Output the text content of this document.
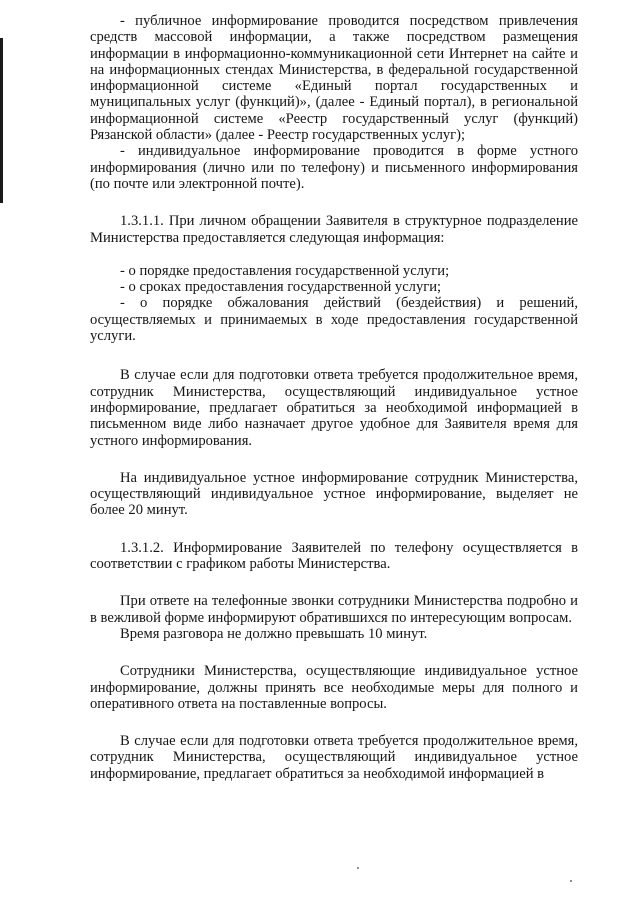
- публичное информирование проводится посредством привлечения средств массовой информации, а также посредством размещения информации в информационно-коммуникационной сети Интернет на сайте и на информационных стендах Министерства, в федеральной государственной информационной системе «Единый портал государственных и муниципальных услуг (функций)», (далее - Единый портал), в региональной информационной системе «Реестр государственный услуг (функций) Рязанской области» (далее - Реестр государственных услуг);

- индивидуальное информирование проводится в форме устного информирования (лично или по телефону) и письменного информирования (по почте или электронной почте).

1.3.1.1. При личном обращении Заявителя в структурное подразделение Министерства предоставляется следующая информация:

- о порядке предоставления государственной услуги;

- о сроках предоставления государственной услуги;

- о порядке обжалования действий (бездействия) и решений, осуществляемых и принимаемых в ходе предоставления государственной услуги.

В случае если для подготовки ответа требуется продолжительное время, сотрудник Министерства, осуществляющий индивидуальное устное информирование, предлагает обратиться за необходимой информацией в письменном виде либо назначает другое удобное для Заявителя время для устного информирования.

На индивидуальное устное информирование сотрудник Министерства, осуществляющий индивидуальное устное информирование, выделяет не более 20 минут.

1.3.1.2. Информирование Заявителей по телефону осуществляется в соответствии с графиком работы Министерства.

При ответе на телефонные звонки сотрудники Министерства подробно и в вежливой форме информируют обратившихся по интересующим вопросам.

Время разговора не должно превышать 10 минут.

Сотрудники Министерства, осуществляющие индивидуальное устное информирование, должны принять все необходимые меры для полного и оперативного ответа на поставленные вопросы.

В случае если для подготовки ответа требуется продолжительное время, сотрудник Министерства, осуществляющий индивидуальное устное информирование, предлагает обратиться за необходимой информацией в
